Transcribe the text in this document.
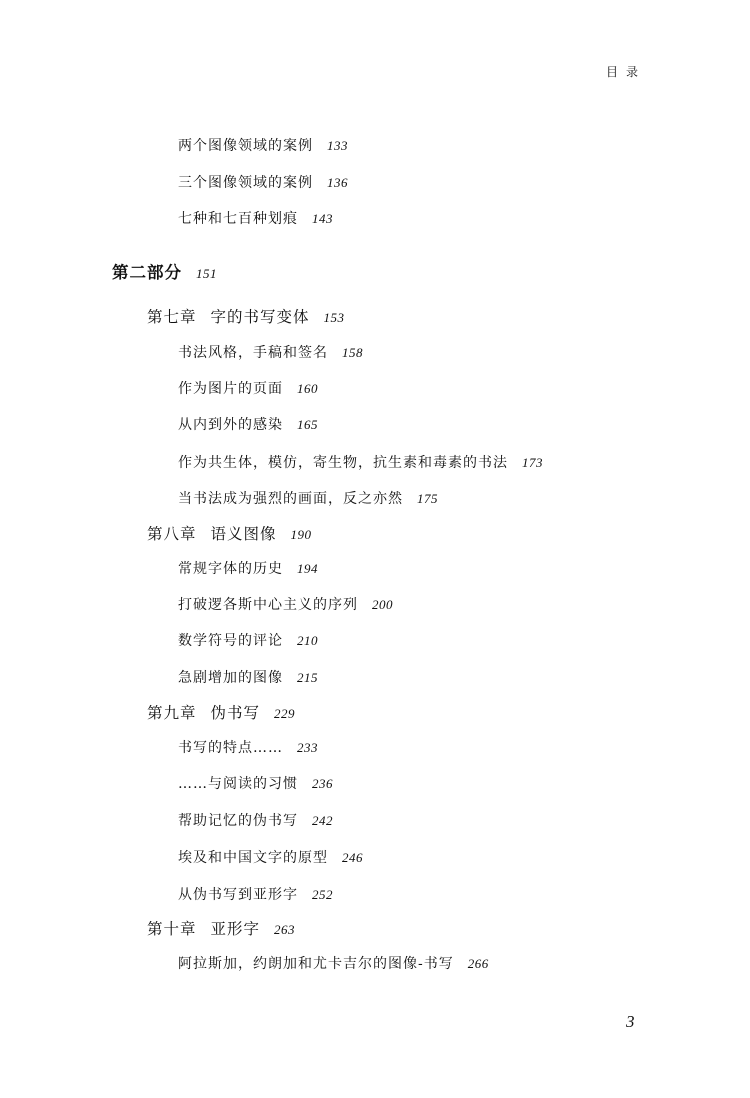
目录
两个图像领域的案例 133
三个图像领域的案例 136
七种和七百种划痕 143
第二部分 151
第七章 字的书写变体 153
书法风格，手稿和签名 158
作为图片的页面 160
从内到外的感染 165
作为共生体，模仿，寄生物，抗生素和毒素的书法 173
当书法成为强烈的画面，反之亦然 175
第八章 语义图像 190
常规字体的历史 194
打破逻各斯中心主义的序列 200
数学符号的评论 210
急剧增加的图像 215
第九章 伪书写 229
书写的特点…… 233
……与阅读的习惯 236
帮助记忆的伪书写 242
埃及和中国文字的原型 246
从伪书写到亚形字 252
第十章 亚形字 263
阿拉斯加，约朗加和尤卡吉尔的图像-书写 266
3
